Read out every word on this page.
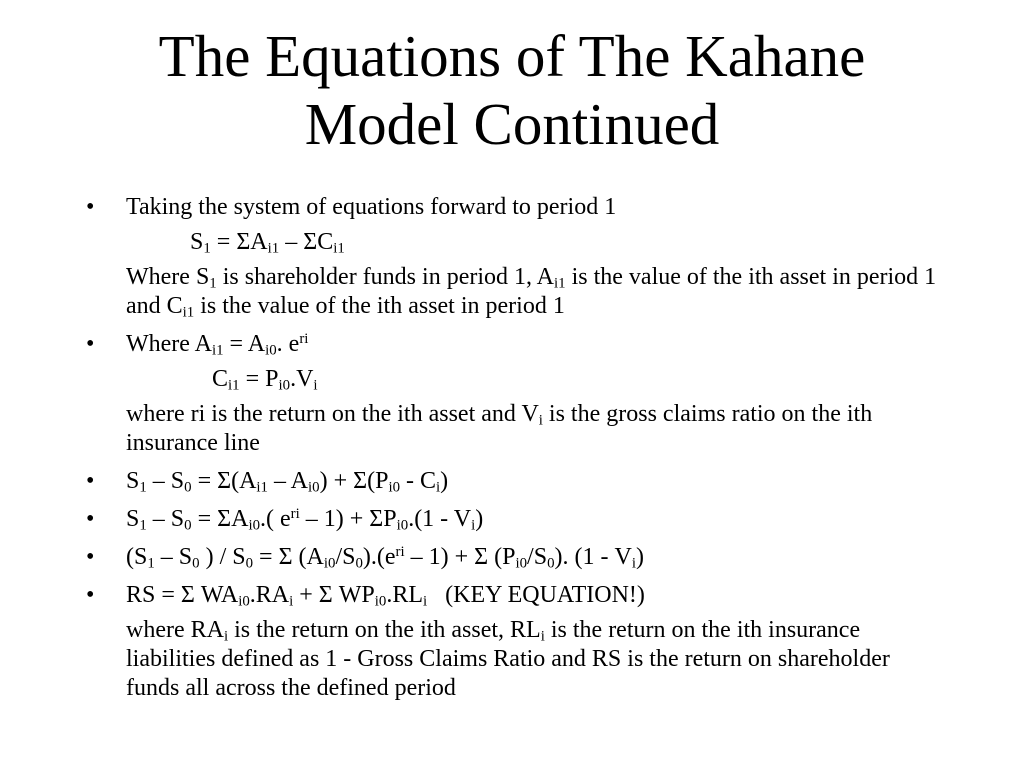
The Equations of The Kahane
Model Continued
• Taking the system of equations forward to period 1
$S_1 = \Sigma A_{i1} - \Sigma C_{i1}$
Where $S_1$ is shareholder funds in period 1, $A_{i1}$ is the value of the ith asset in period 1 and $C_{i1}$ is the value of the ith asset in period 1
• Where $A_{i1} = A_{i0}$. $e^{ri}$
$C_{i1} = P_{i0}.V_i$
where ri is the return on the ith asset and $V_i$ is the gross claims ratio on the ith insurance line
• $S_1 - S_0 = \Sigma(A_{i1} - A_{i0}) + \Sigma(P_{i0} - C_i)$
• $S_1 - S_0 = \Sigma A_{i0}$.( $e^{ri} - 1) + \Sigma P_{i0}.(1 - V_i)$
• ($S_1 - S_0$ ) / $S_0 = \Sigma$ $(A_{i0}/S_0).(e^{ri} - 1) + \Sigma$ $(P_{i0}/S_0)$. $(1 - V_i)$
• RS = Σ $WA_{i0}.RA_i + \Sigma$ $WP_{i0}.RL_i$ (KEY EQUATION!)
where $RA_i$ is the return on the ith asset, $RL_i$ is the return on the ith insurance liabilities defined as 1 - Gross Claims Ratio and RS is the return on shareholder funds all across the defined period
